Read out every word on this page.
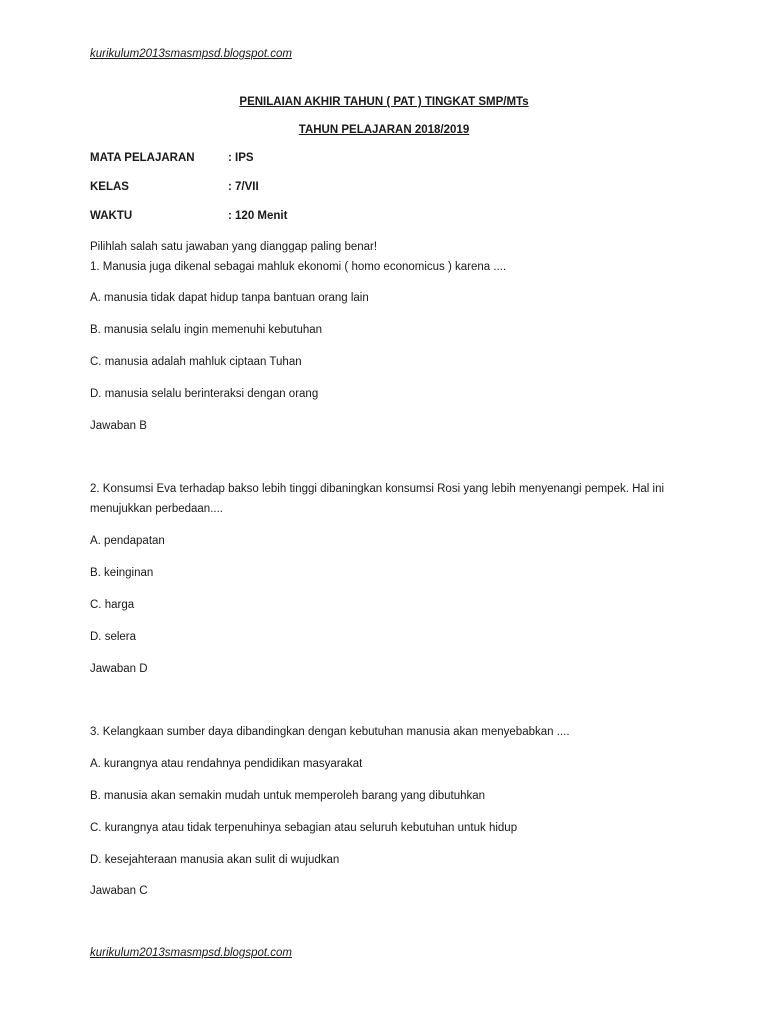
kurikulum2013smasmpsd.blogspot.com
PENILAIAN AKHIR TAHUN ( PAT ) TINGKAT SMP/MTs
TAHUN PELAJARAN 2018/2019
MATA PELAJARAN	: IPS
KELAS	: 7/VII
WAKTU	: 120 Menit
Pilihlah salah satu jawaban yang dianggap paling benar!
1. Manusia juga dikenal sebagai mahluk ekonomi ( homo economicus ) karena ....
A. manusia tidak dapat hidup tanpa bantuan orang lain
B. manusia selalu ingin memenuhi kebutuhan
C. manusia adalah mahluk ciptaan Tuhan
D. manusia selalu berinteraksi dengan orang
Jawaban B
2. Konsumsi Eva terhadap bakso lebih tinggi dibaningkan konsumsi Rosi yang lebih menyenangi pempek. Hal ini menujukkan perbedaan....
A. pendapatan
B. keinginan
C. harga
D. selera
Jawaban D
3. Kelangkaan sumber daya dibandingkan dengan kebutuhan manusia akan menyebabkan ....
A. kurangnya atau rendahnya pendidikan masyarakat
B. manusia akan semakin mudah untuk memperoleh barang yang dibutuhkan
C. kurangnya atau tidak terpenuhinya sebagian atau seluruh kebutuhan untuk hidup
D. kesejahteraan manusia akan sulit di wujudkan
Jawaban C
kurikulum2013smasmpsd.blogspot.com
